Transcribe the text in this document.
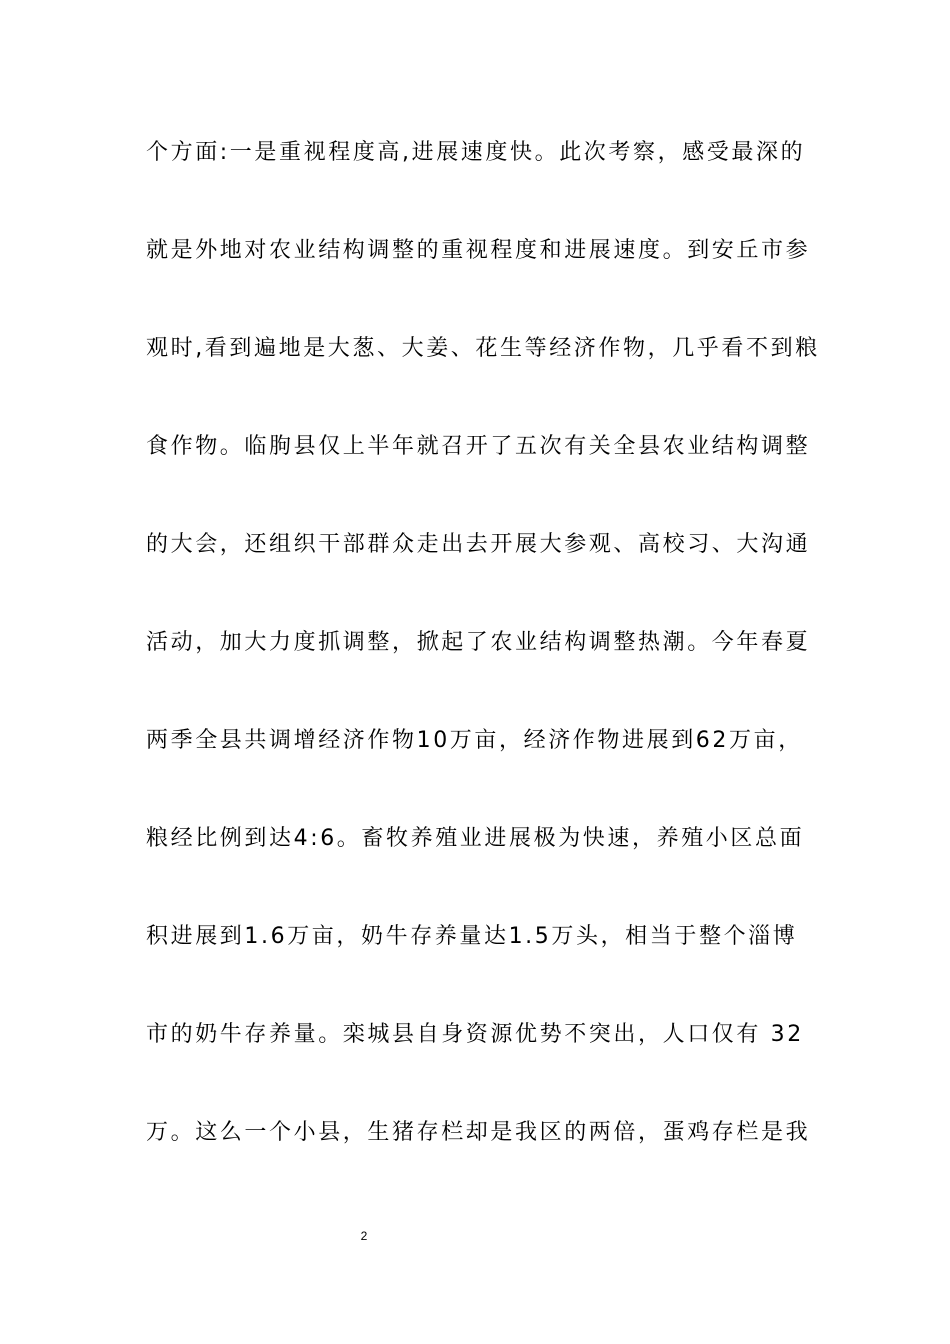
个方面:一是重视程度高,进展速度快。此次考察，感受最深的
就是外地对农业结构调整的重视程度和进展速度。到安丘市参
观时,看到遍地是大葱、大姜、花生等经济作物，几乎看不到粮
食作物。临朐县仅上半年就召开了五次有关全县农业结构调整
的大会，还组织干部群众走出去开展大参观、高校习、大沟通
活动，加大力度抓调整，掀起了农业结构调整热潮。今年春夏
两季全县共调增经济作物10万亩，经济作物进展到62万亩，
粮经比例到达4:6。畜牧养殖业进展极为快速，养殖小区总面
积进展到1.6万亩，奶牛存养量达1.5万头，相当于整个淄博
市的奶牛存养量。栾城县自身资源优势不突出，人口仅有 32
万。这么一个小县，生猪存栏却是我区的两倍，蛋鸡存栏是我
2
